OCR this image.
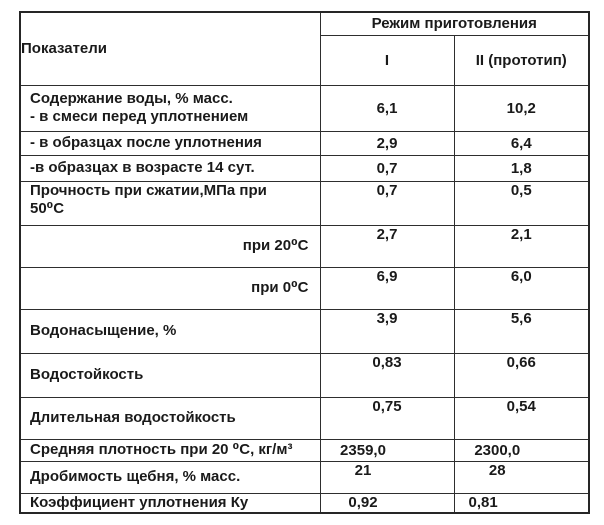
Показатели	Режим приготовления	
	I	II (прототип)
Содержание воды, % масс.
- в смеси перед уплотнением	6,1	10,2
- в образцах после уплотнения	2,9	6,4
-в образцах в возрасте 14 сут.	0,7	1,8
Прочность при сжатии,МПа при
50⁰С	0,7	0,5
при 20⁰С	2,7	2,1
при 0⁰С	6,9	6,0
Водонасыщение, %	3,9	5,6
Водостойкость	0,83	0,66
Длительная водостойкость	0,75	0,54
Средняя плотность при 20 ⁰С, кг/м³	2359,0	2300,0
Дробимость щебня, % масс.	21	28
Коэффициент уплотнения Ку	0,92	0,81
